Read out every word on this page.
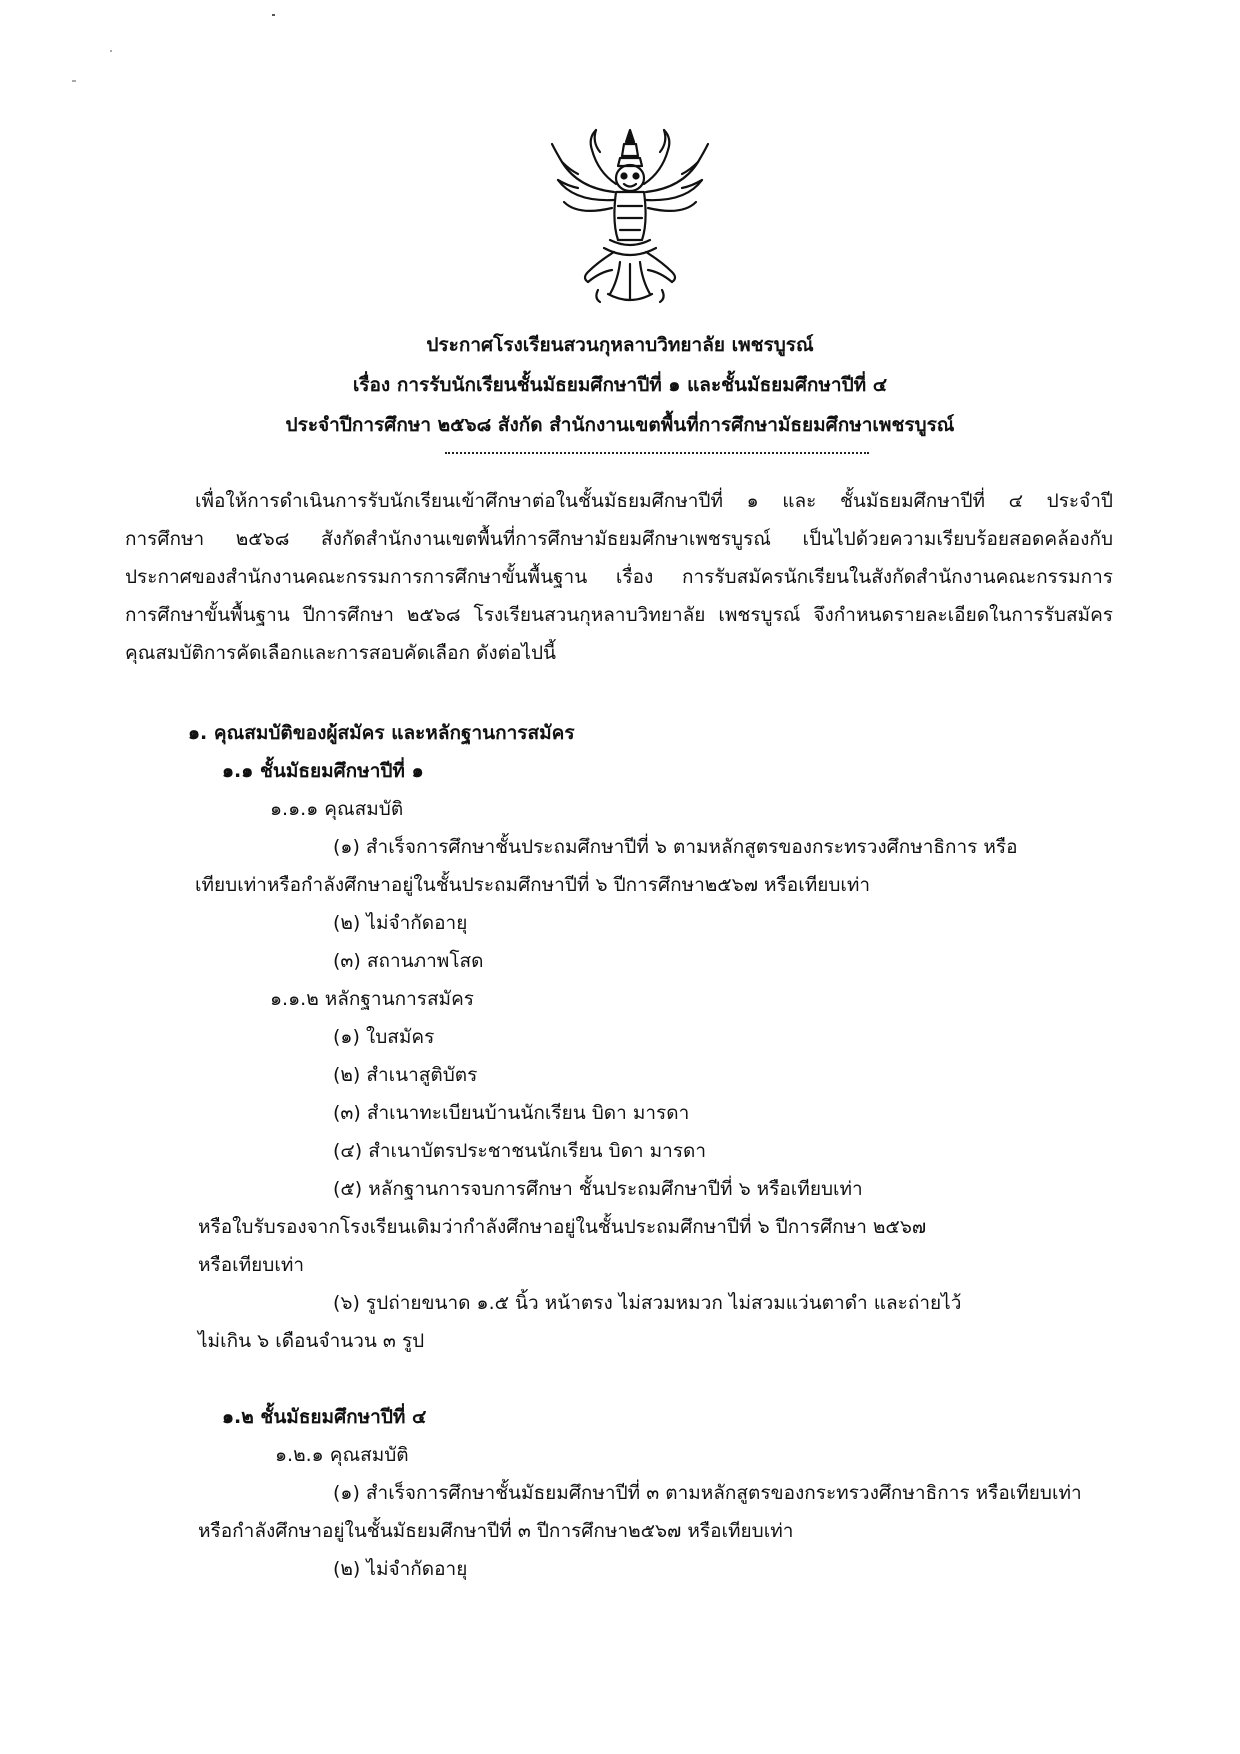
ประกาศโรงเรียนสวนกุหลาบวิทยาลัย เพชรบูรณ์
เรื่อง การรับนักเรียนชั้นมัธยมศึกษาปีที่ ๑ และชั้นมัธยมศึกษาปีที่ ๔
ประจำปีการศึกษา ๒๕๖๘ สังกัด สำนักงานเขตพื้นที่การศึกษามัธยมศึกษาเพชรบูรณ์
เพื่อให้การดำเนินการรับนักเรียนเข้าศึกษาต่อในชั้นมัธยมศึกษาปีที่ ๑ และ ชั้นมัธยมศึกษาปีที่ ๔ ประจำปี
การศึกษา ๒๕๖๘ สังกัดสำนักงานเขตพื้นที่การศึกษามัธยมศึกษาเพชรบูรณ์ เป็นไปด้วยความเรียบร้อยสอดคล้องกับ
ประกาศของสำนักงานคณะกรรมการการศึกษาขั้นพื้นฐาน เรื่อง การรับสมัครนักเรียนในสังกัดสำนักงานคณะกรรมการ
การศึกษาขั้นพื้นฐาน ปีการศึกษา ๒๕๖๘ โรงเรียนสวนกุหลาบวิทยาลัย เพชรบูรณ์ จึงกำหนดรายละเอียดในการรับสมัคร
คุณสมบัติการคัดเลือกและการสอบคัดเลือก ดังต่อไปนี้
๑. คุณสมบัติของผู้สมัคร และหลักฐานการสมัคร
๑.๑ ชั้นมัธยมศึกษาปีที่ ๑
๑.๑.๑ คุณสมบัติ
(๑) สำเร็จการศึกษาชั้นประถมศึกษาปีที่ ๖ ตามหลักสูตรของกระทรวงศึกษาธิการ หรือ
เทียบเท่าหรือกำลังศึกษาอยู่ในชั้นประถมศึกษาปีที่ ๖ ปีการศึกษา๒๕๖๗ หรือเทียบเท่า
(๒) ไม่จำกัดอายุ
(๓) สถานภาพโสด
๑.๑.๒ หลักฐานการสมัคร
(๑) ใบสมัคร
(๒) สำเนาสูติบัตร
(๓) สำเนาทะเบียนบ้านนักเรียน บิดา มารดา
(๔) สำเนาบัตรประชาชนนักเรียน บิดา มารดา
(๕) หลักฐานการจบการศึกษา ชั้นประถมศึกษาปีที่ ๖ หรือเทียบเท่า
หรือใบรับรองจากโรงเรียนเดิมว่ากำลังศึกษาอยู่ในชั้นประถมศึกษาปีที่ ๖ ปีการศึกษา ๒๕๖๗
หรือเทียบเท่า
(๖) รูปถ่ายขนาด ๑.๕ นิ้ว หน้าตรง ไม่สวมหมวก ไม่สวมแว่นตาดำ และถ่ายไว้
ไม่เกิน ๖ เดือนจำนวน ๓ รูป
๑.๒ ชั้นมัธยมศึกษาปีที่ ๔
๑.๒.๑ คุณสมบัติ
(๑) สำเร็จการศึกษาชั้นมัธยมศึกษาปีที่ ๓ ตามหลักสูตรของกระทรวงศึกษาธิการ หรือเทียบเท่า
หรือกำลังศึกษาอยู่ในชั้นมัธยมศึกษาปีที่ ๓ ปีการศึกษา๒๕๖๗ หรือเทียบเท่า
(๒) ไม่จำกัดอายุ
